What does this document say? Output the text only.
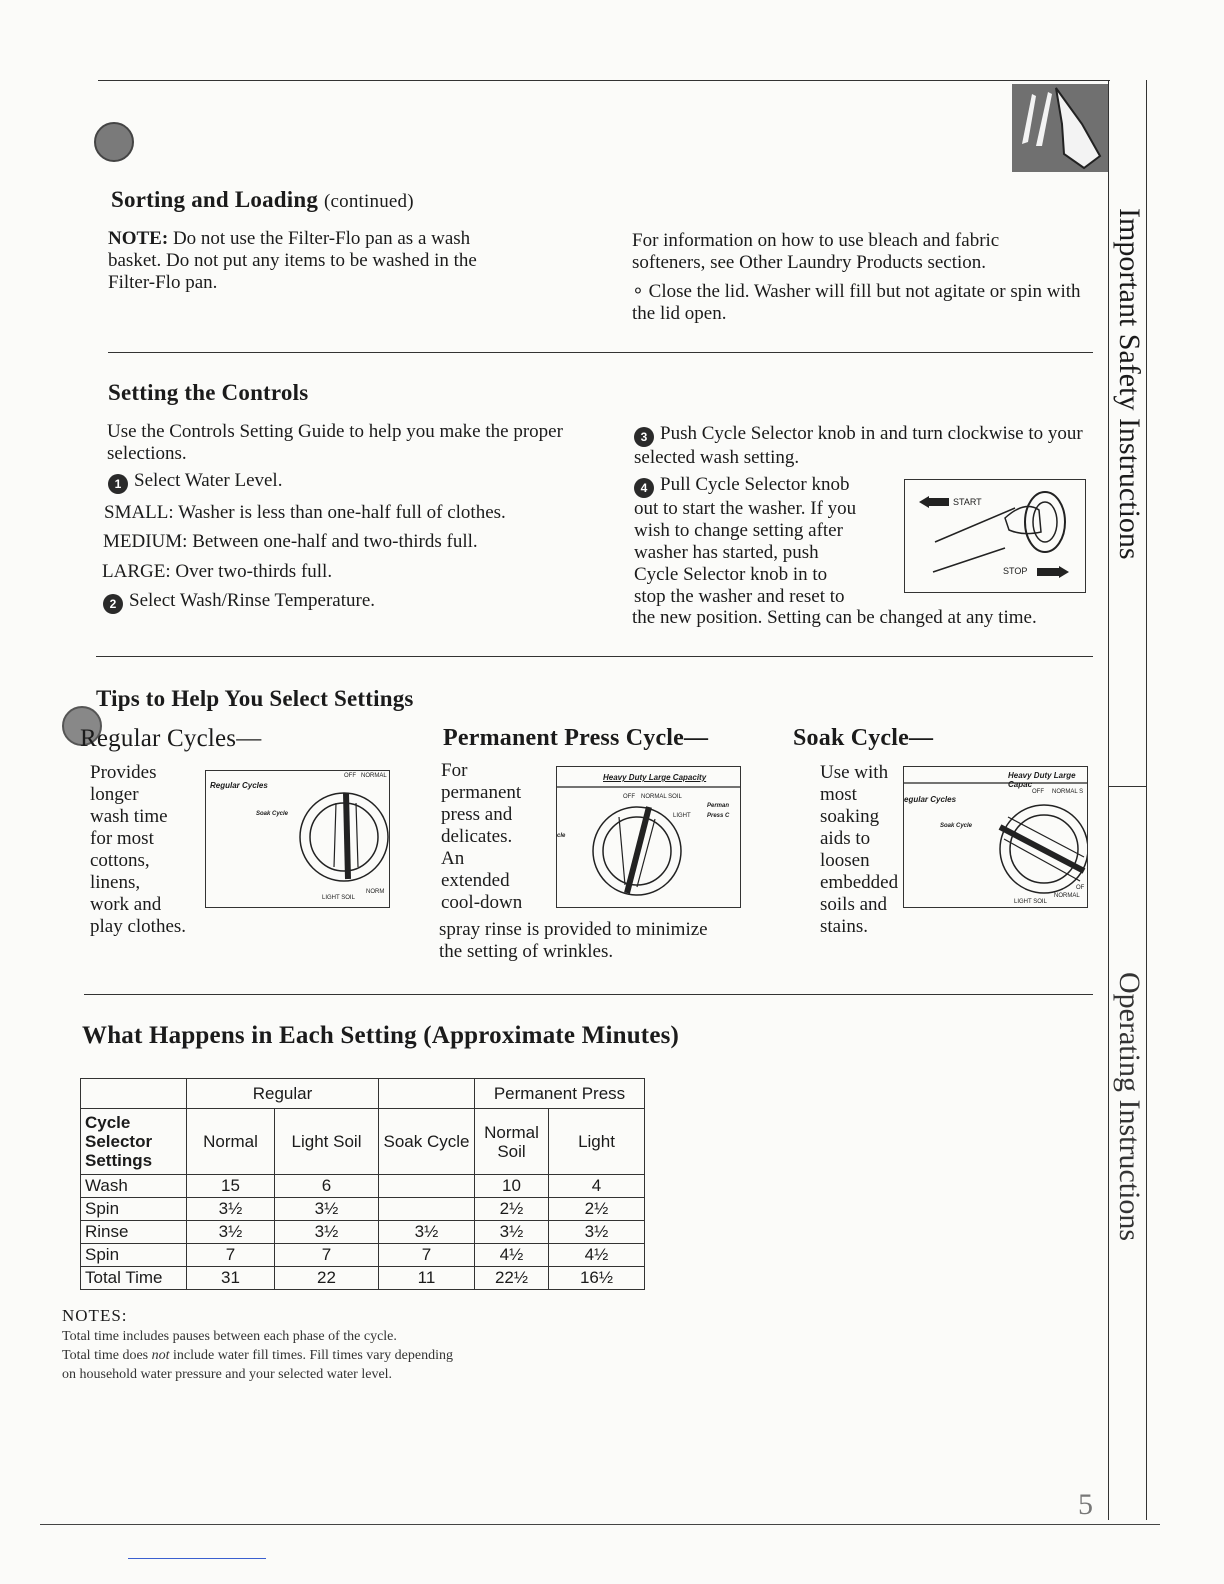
Important Safety Instructions
Operating Instructions
Sorting and Loading (continued)
NOTE: Do not use the Filter-Flo pan as a wash basket. Do not put any items to be washed in the Filter-Flo pan.
For information on how to use bleach and fabric softeners, see Other Laundry Products section.
∘ Close the lid. Washer will fill but not agitate or spin with the lid open.
Setting the Controls
Use the Controls Setting Guide to help you make the proper selections.
1 Select Water Level.
SMALL: Washer is less than one-half full of clothes.
MEDIUM: Between one-half and two-thirds full.
LARGE: Over two-thirds full.
2 Select Wash/Rinse Temperature.
3 Push Cycle Selector knob in and turn clockwise to your selected wash setting.
4 Pull Cycle Selector knob
out to start the washer. If you
wish to change setting after
washer has started, push
Cycle Selector knob in to
stop the washer and reset to
the new position. Setting can be changed at any time.
START
STOP
Tips to Help You Select Settings
Regular Cycles—
Provides
longer
wash time
for most
cottons,
linens,
work and
play clothes.
Regular Cycles
Soak Cycle
OFF NORMAL
LIGHT SOIL
NORM
Permanent Press Cycle—
For
permanent
press and
delicates.
An
extended
cool-down
spray rinse is provided to minimize
the setting of wrinkles.
Heavy Duty Large Capacity
OFF NORMAL SOIL
LIGHT
Perman
Press C
cle
Soak Cycle—
Use with
most
soaking
aids to
loosen
embedded
soils and
stains.
Heavy Duty Large Capac
egular Cycles
Soak Cycle
OFF NORMAL S
LIGHT SOIL
NORMAL
OF
What Happens in Each Setting (Approximate Minutes)
	Regular			Permanent Press	
Cycle Selector Settings	Normal	Light Soil	Soak Cycle	Normal Soil	Light
Wash	15	6		10	4
Spin	3½	3½		2½	2½
Rinse	3½	3½	3½	3½	3½
Spin	7	7	7	4½	4½
Total Time	31	22	11	22½	16½
NOTES:
Total time includes pauses between each phase of the cycle.
Total time does not include water fill times. Fill times vary depending
on household water pressure and your selected water level.
5
